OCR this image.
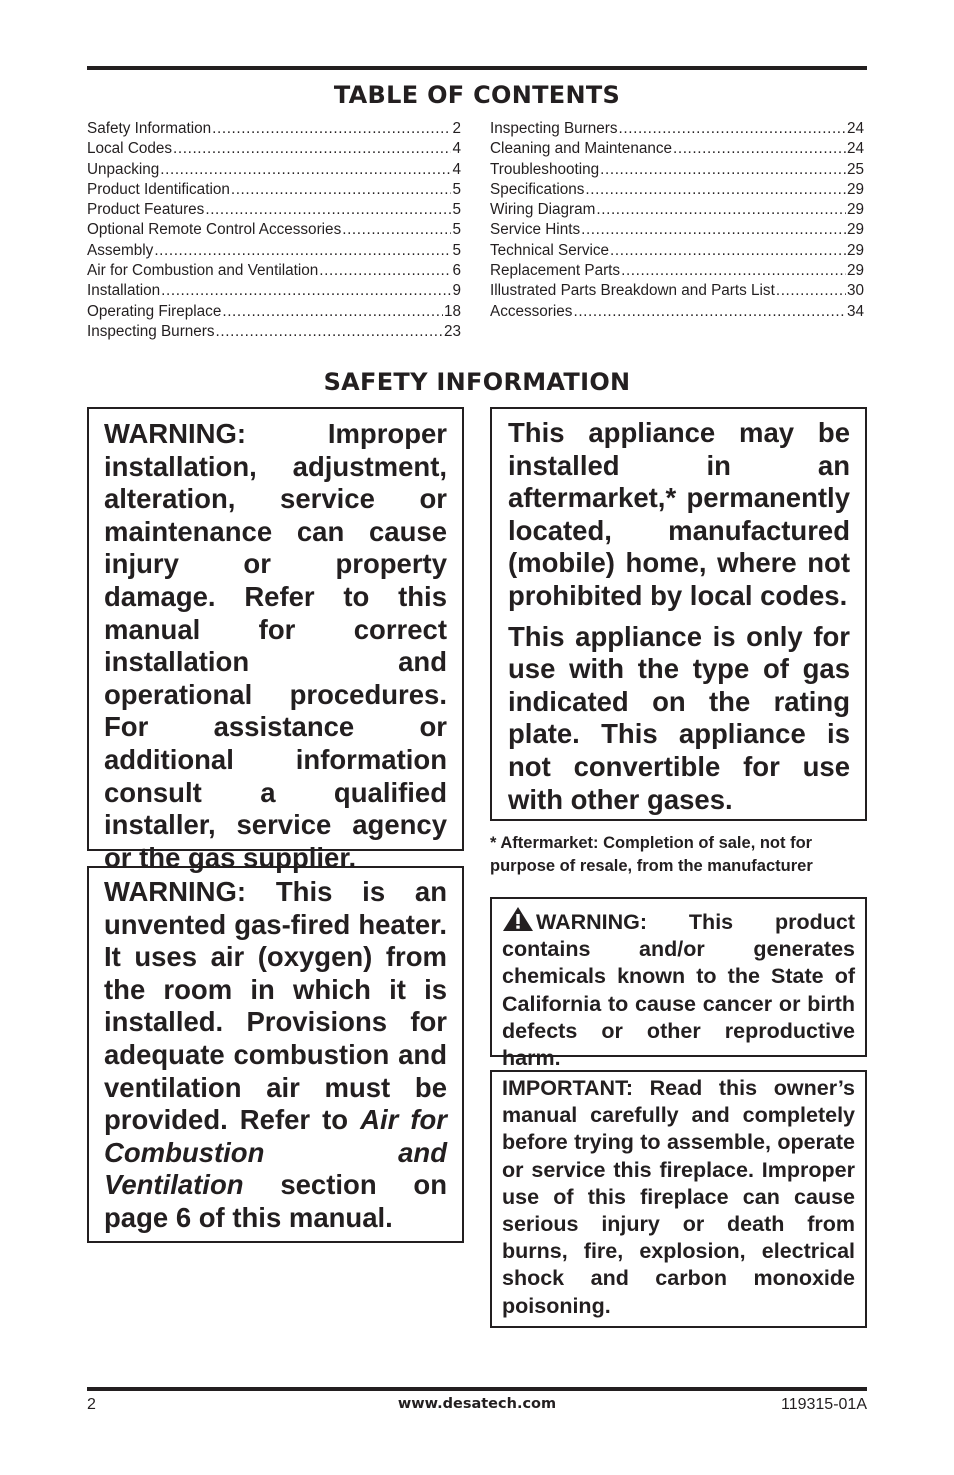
TABLE OF CONTENTS
Safety Information .....	2
Local Codes .....	4
Unpacking .....	4
Product Identification .....	5
Product Features .....	5
Optional Remote Control Accessories .....	5
Assembly .....	5
Air for Combustion and Ventilation .....	6
Installation .....	9
Operating Fireplace .....	18
Inspecting Burners .....	23
Inspecting Burners .....	24
Cleaning and Maintenance .....	24
Troubleshooting .....	25
Specifications .....	29
Wiring Diagram .....	29
Service Hints .....	29
Technical Service .....	29
Replacement Parts .....	29
Illustrated Parts Breakdown and Parts List .....	30
Accessories .....	34
SAFETY INFORMATION

WARNING: Improper installation, adjustment, alteration, service or maintenance can cause injury or property damage. Refer to this manual for correct installation and operational procedures. For assistance or additional information consult a qualified installer, service agency or the gas supplier.

WARNING: This is an unvented gas-fired heater. It uses air (oxygen) from the room in which it is installed. Provisions for adequate combustion and ventilation air must be provided. Refer to Air for Combustion and Ventilation section on page 6 of this manual.

This appliance may be installed in an aftermarket,* permanently located, manufactured (mobile) home, where not prohibited by local codes.

This appliance is only for use with the type of gas indicated on the rating plate. This appliance is not convertible for use with other gases.

* Aftermarket: Completion of sale, not for purpose of resale, from the manufacturer

WARNING: This product contains and/or generates chemicals known to the State of California to cause cancer or birth defects or other reproductive harm.

IMPORTANT: Read this owner’s manual carefully and completely before trying to assemble, operate or service this fireplace. Improper use of this fireplace can cause serious injury or death from burns, fire, explosion, electrical shock and carbon monoxide poisoning.

2	www.desatech.com	119315-01A
